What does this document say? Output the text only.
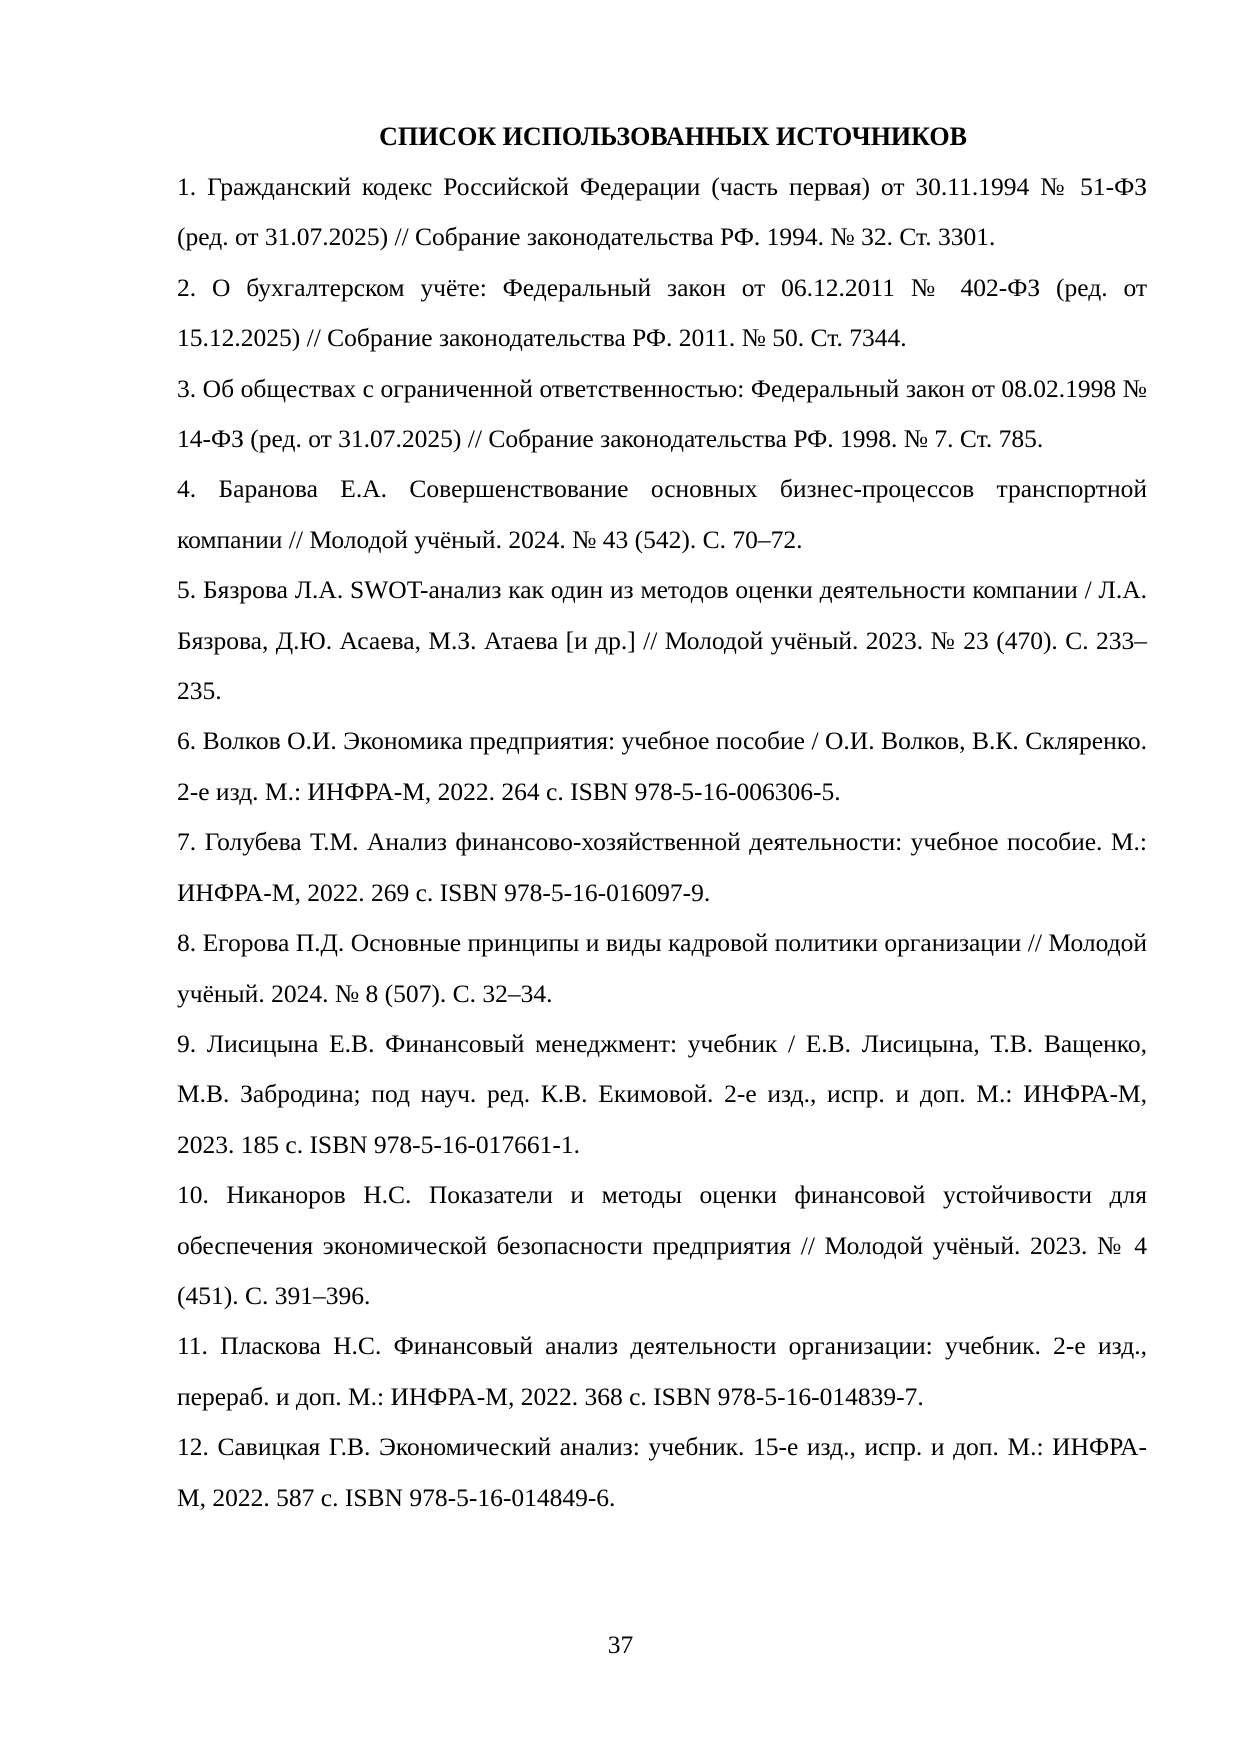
СПИСОК ИСПОЛЬЗОВАННЫХ ИСТОЧНИКОВ
1. Гражданский кодекс Российской Федерации (часть первая) от 30.11.1994 № 51-ФЗ (ред. от 31.07.2025) // Собрание законодательства РФ. 1994. № 32. Ст. 3301.
2. О бухгалтерском учёте: Федеральный закон от 06.12.2011 № 402-ФЗ (ред. от 15.12.2025) // Собрание законодательства РФ. 2011. № 50. Ст. 7344.
3. Об обществах с ограниченной ответственностью: Федеральный закон от 08.02.1998 № 14-ФЗ (ред. от 31.07.2025) // Собрание законодательства РФ. 1998. № 7. Ст. 785.
4. Баранова Е.А. Совершенствование основных бизнес-процессов транспортной компании // Молодой учёный. 2024. № 43 (542). С. 70–72.
5. Бязрова Л.А. SWOT-анализ как один из методов оценки деятельности компании / Л.А. Бязрова, Д.Ю. Асаева, М.З. Атаева [и др.] // Молодой учёный. 2023. № 23 (470). С. 233–235.
6. Волков О.И. Экономика предприятия: учебное пособие / О.И. Волков, В.К. Скляренко. 2-е изд. М.: ИНФРА-М, 2022. 264 с. ISBN 978-5-16-006306-5.
7. Голубева Т.М. Анализ финансово-хозяйственной деятельности: учебное пособие. М.: ИНФРА-М, 2022. 269 с. ISBN 978-5-16-016097-9.
8. Егорова П.Д. Основные принципы и виды кадровой политики организации // Молодой учёный. 2024. № 8 (507). С. 32–34.
9. Лисицына Е.В. Финансовый менеджмент: учебник / Е.В. Лисицына, Т.В. Ващенко, М.В. Забродина; под науч. ред. К.В. Екимовой. 2-е изд., испр. и доп. М.: ИНФРА-М, 2023. 185 с. ISBN 978-5-16-017661-1.
10. Никаноров Н.С. Показатели и методы оценки финансовой устойчивости для обеспечения экономической безопасности предприятия // Молодой учёный. 2023. № 4 (451). С. 391–396.
11. Пласкова Н.С. Финансовый анализ деятельности организации: учебник. 2-е изд., перераб. и доп. М.: ИНФРА-М, 2022. 368 с. ISBN 978-5-16-014839-7.
12. Савицкая Г.В. Экономический анализ: учебник. 15-е изд., испр. и доп. М.: ИНФРА-М, 2022. 587 с. ISBN 978-5-16-014849-6.
37
